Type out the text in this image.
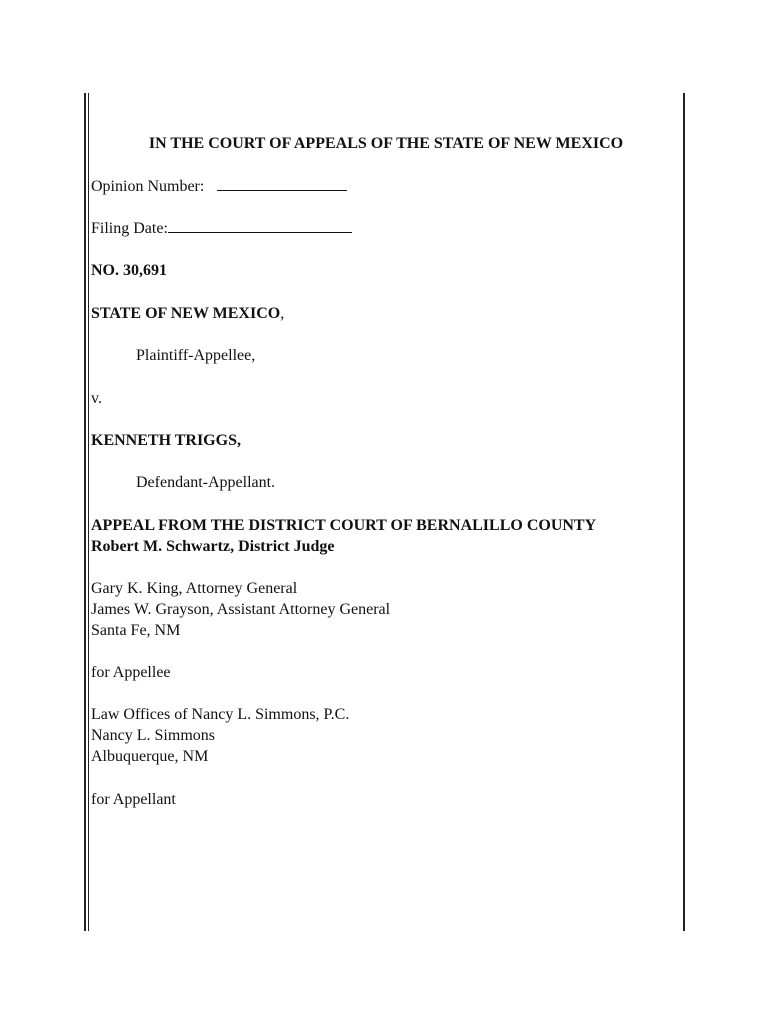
IN THE COURT OF APPEALS OF THE STATE OF NEW MEXICO
Opinion Number:
Filing Date:
NO. 30,691
STATE OF NEW MEXICO,
Plaintiff-Appellee,
v.
KENNETH TRIGGS,
Defendant-Appellant.
APPEAL FROM THE DISTRICT COURT OF BERNALILLO COUNTY
Robert M. Schwartz, District Judge
Gary K. King, Attorney General
James W. Grayson, Assistant Attorney General
Santa Fe, NM
for Appellee
Law Offices of Nancy L. Simmons, P.C.
Nancy L. Simmons
Albuquerque, NM
for Appellant
